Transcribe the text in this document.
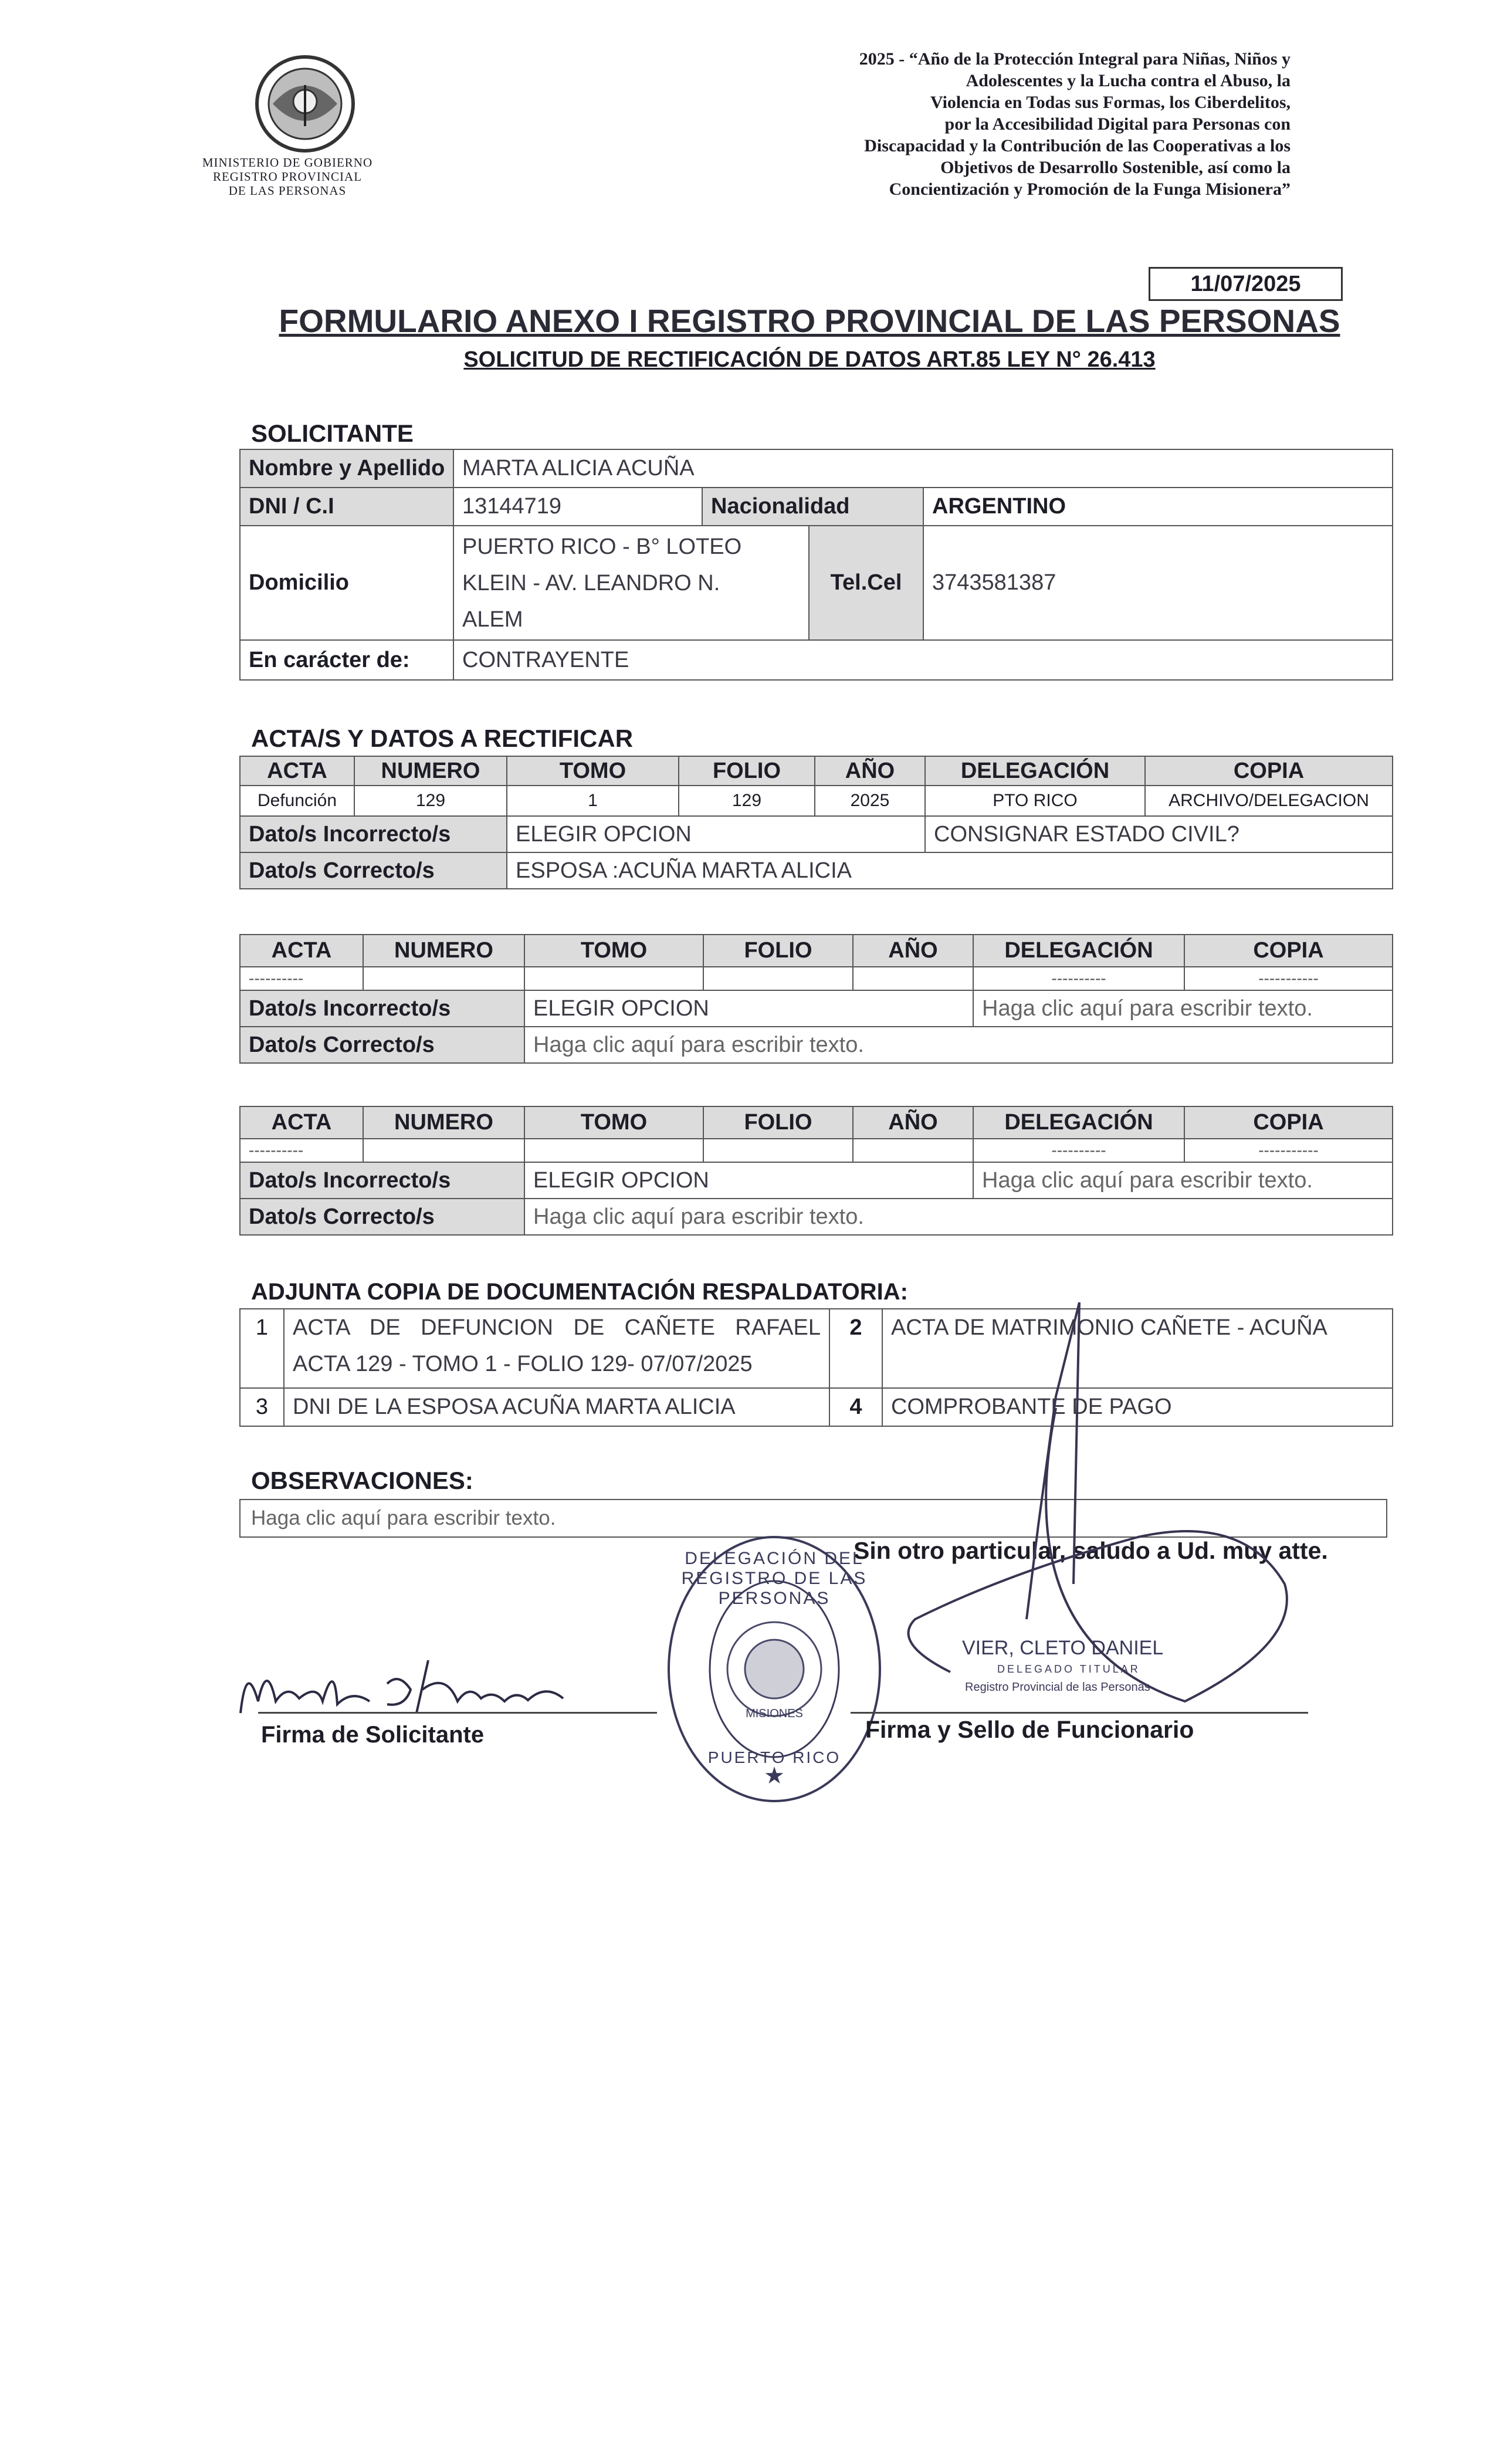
MINISTERIO DE GOBIERNO
REGISTRO PROVINCIAL
DE LAS PERSONAS
2025 - “Año de la Protección Integral para Niñas, Niños y
Adolescentes y la Lucha contra el Abuso, la
Violencia en Todas sus Formas, los Ciberdelitos,
por la Accesibilidad Digital para Personas con
Discapacidad y la Contribución de las Cooperativas a los
Objetivos de Desarrollo Sostenible, así como la
Concientización y Promoción de la Funga Misionera”
11/07/2025
FORMULARIO ANEXO I REGISTRO PROVINCIAL DE LAS PERSONAS
SOLICITUD DE RECTIFICACIÓN DE DATOS ART.85 LEY N° 26.413
SOLICITANTE
Nombre y Apellido	MARTA ALICIA ACUÑA			
DNI / C.I	13144719	Nacionalidad		ARGENTINO
Domicilio	PUERTO RICO - B° LOTEO
KLEIN - AV. LEANDRO N.
ALEM		Tel.Cel	3743581387
En carácter de:	CONTRAYENTE			
ACTA/S Y DATOS A RECTIFICAR
ACTA	NUMERO	TOMO	FOLIO	AÑO	DELEGACIÓN	COPIA
Defunción	129	1	129	2025	PTO RICO	ARCHIVO/DELEGACION
Dato/s Incorrecto/s		ELEGIR OPCION			CONSIGNAR ESTADO CIVIL?	
Dato/s Correcto/s		ESPOSA :ACUÑA MARTA ALICIA				
ACTA	NUMERO	TOMO	FOLIO	AÑO	DELEGACIÓN	COPIA
----------					----------	-----------
Dato/s Incorrecto/s		ELEGIR OPCION			Haga clic aquí para escribir texto.	
Dato/s Correcto/s		Haga clic aquí para escribir texto.				
ACTA	NUMERO	TOMO	FOLIO	AÑO	DELEGACIÓN	COPIA
----------					----------	-----------
Dato/s Incorrecto/s		ELEGIR OPCION			Haga clic aquí para escribir texto.	
Dato/s Correcto/s		Haga clic aquí para escribir texto.				
ADJUNTA COPIA DE DOCUMENTACIÓN RESPALDATORIA:
1	ACTA DE DEFUNCION DE CAÑETE RAFAEL
ACTA 129 - TOMO 1 - FOLIO 129- 07/07/2025	2	ACTA DE MATRIMONIO CAÑETE - ACUÑA
3	DNI DE LA ESPOSA ACUÑA MARTA ALICIA	4	COMPROBANTE DE PAGO
OBSERVACIONES:
Haga clic aquí para escribir texto.
Sin otro particular, saludo a Ud. muy atte.
★
DELEGACIÓN DEL REGISTRO DE LAS PERSONAS
PUERTO RICO
MISIONES
VIER, CLETO DANIEL
DELEGADO TITULAR
Registro Provincial de las Personas
Firma de Solicitante	Firma y Sello de Funcionario
